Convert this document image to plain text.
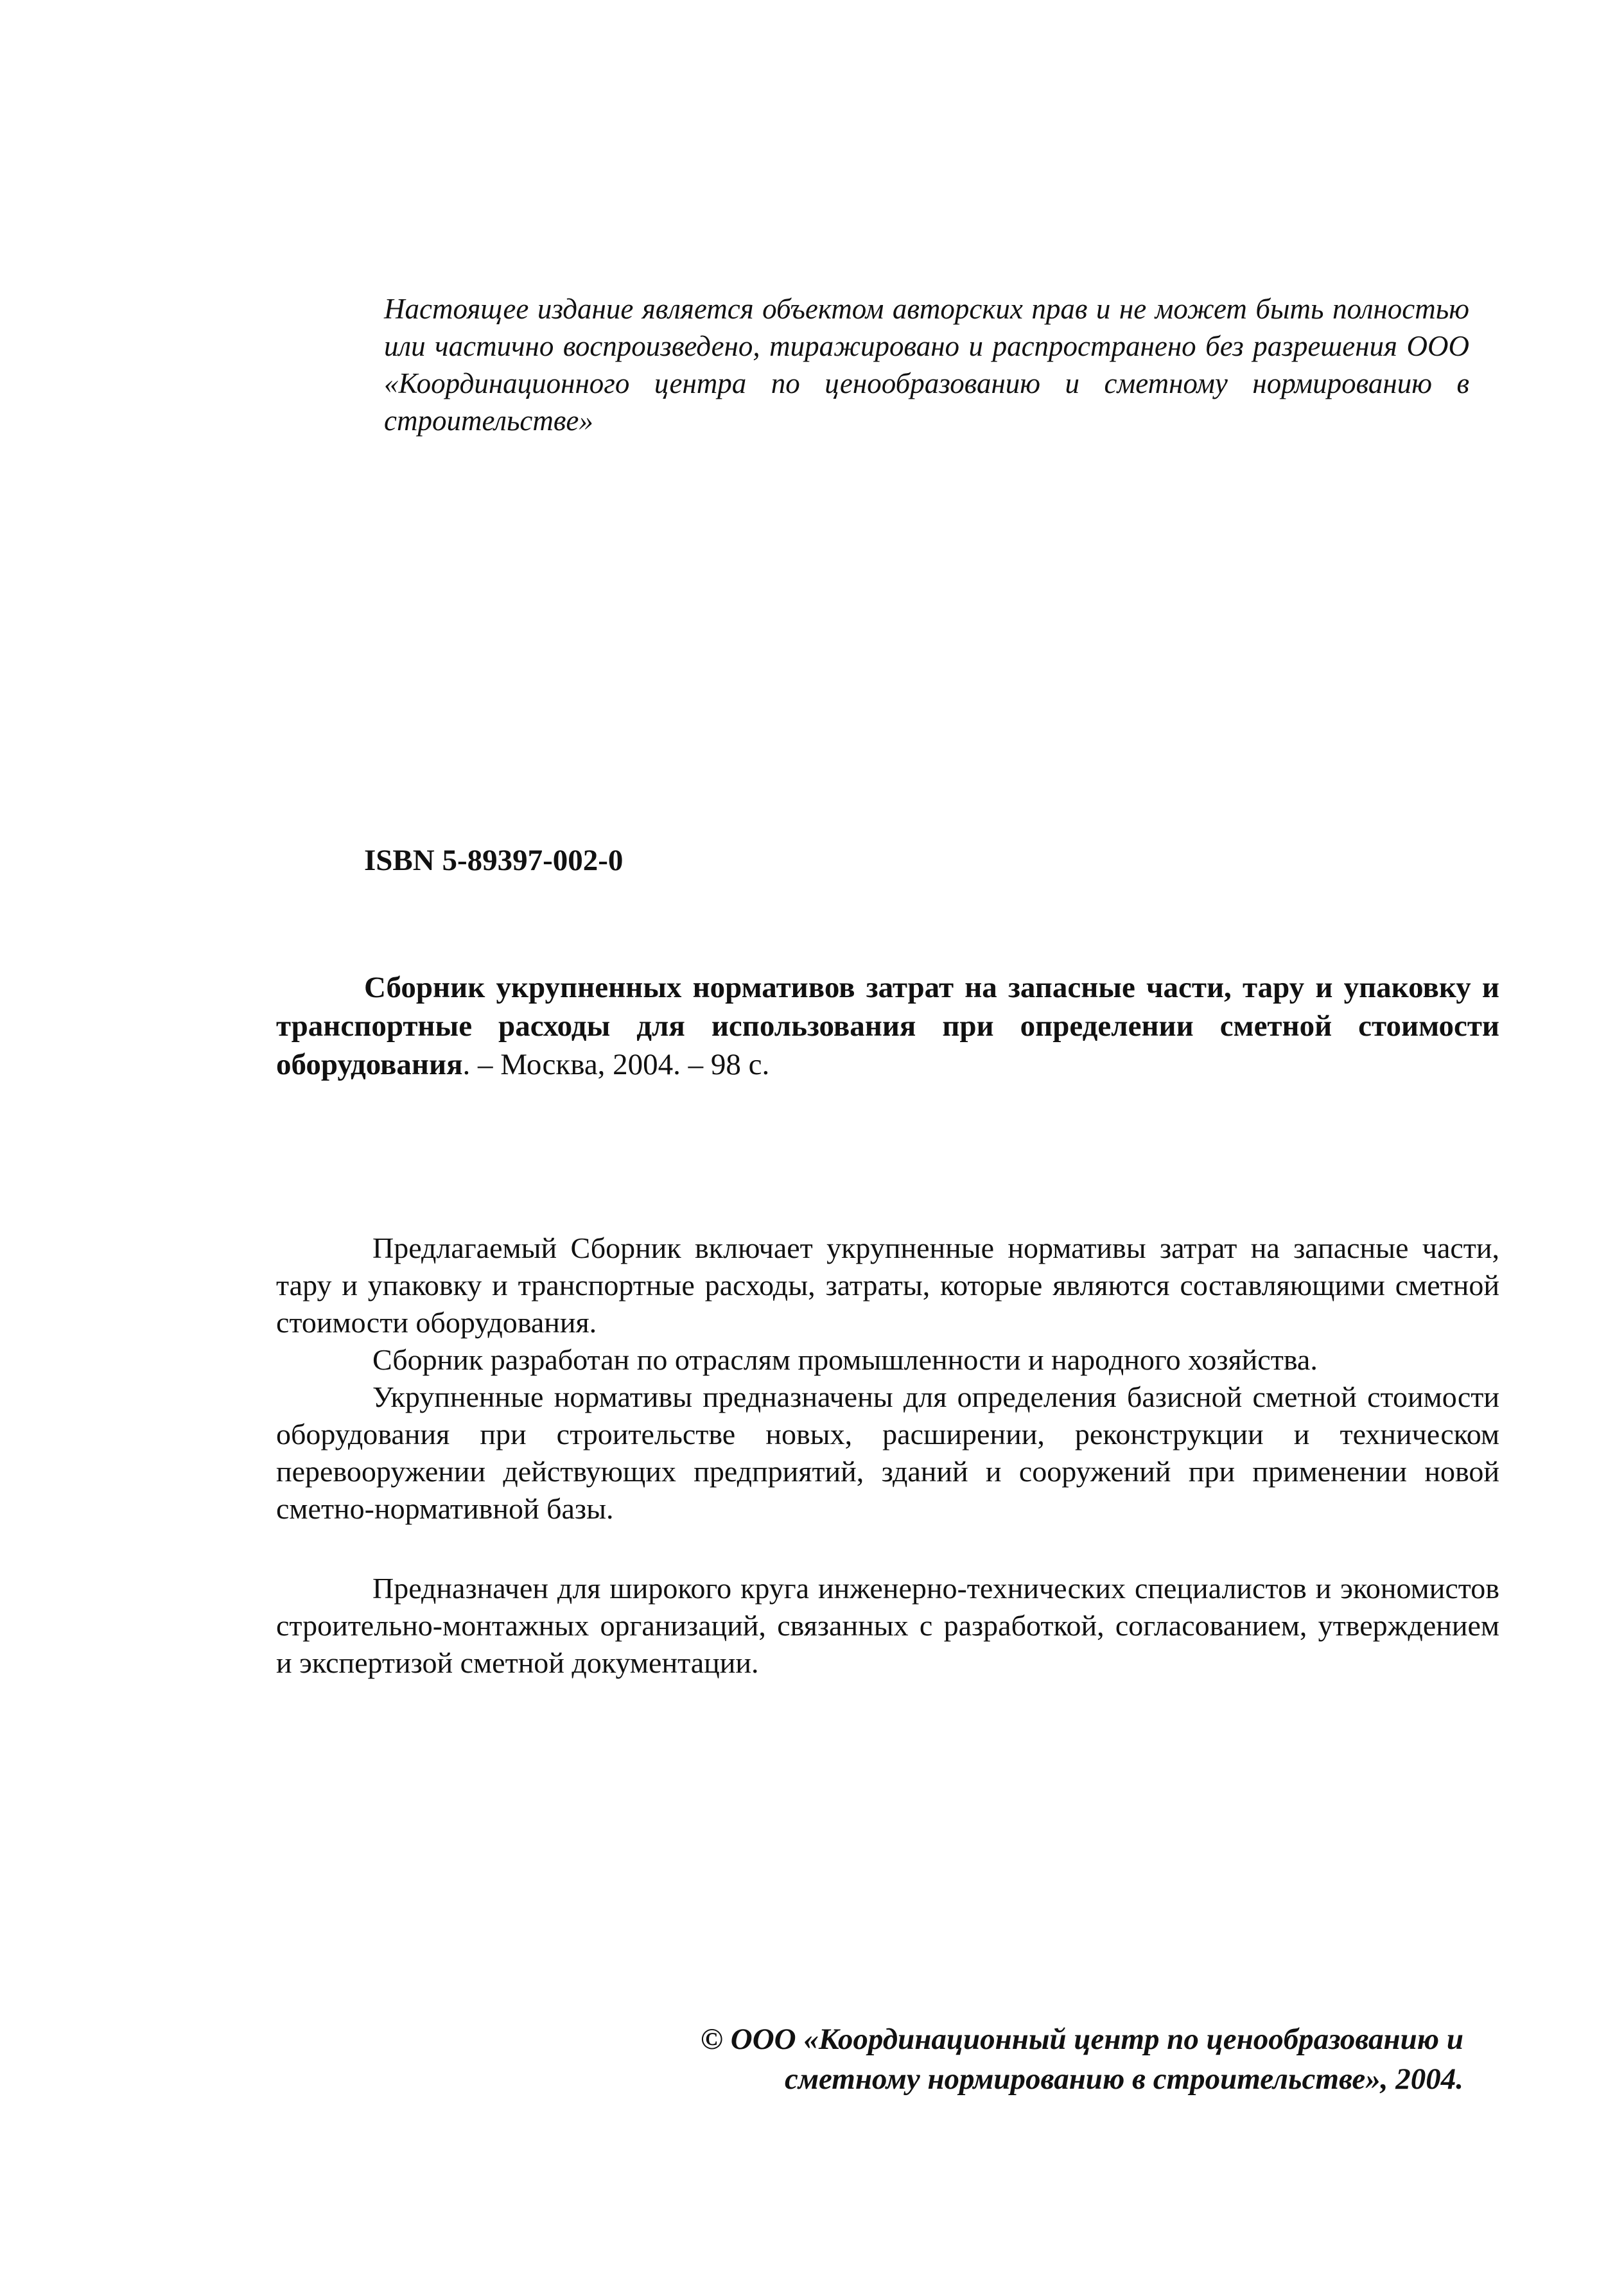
Настоящее издание является объектом авторских прав и не может быть полностью или частично воспроизведено, тиражировано и распространено без разрешения ООО «Координационного центра по ценообразованию и сметному нормированию в строительстве»
ISBN 5-89397-002-0
Сборник укрупненных нормативов затрат на запасные части, тару и упаковку и транспортные расходы для использования при определении сметной стоимости оборудования. – Москва, 2004. – 98 с.

Предлагаемый Сборник включает укрупненные нормативы затрат на запасные части, тару и упаковку и транспортные расходы, затраты, которые являются составляющими сметной стоимости оборудования.

Сборник разработан по отраслям промышленности и народного хозяйства.

Укрупненные нормативы предназначены для определения базисной сметной стоимости оборудования при строительстве новых, расширении, реконструкции и техническом перевооружении действующих предприятий, зданий и сооружений при применении новой сметно-нормативной базы.

Предназначен для широкого круга инженерно-технических специалистов и экономистов строительно-монтажных организаций, связанных с разработкой, согласованием, утверждением и экспертизой сметной документации.
© ООО «Координационный центр по ценообразованию и
сметному нормированию в строительстве», 2004.
